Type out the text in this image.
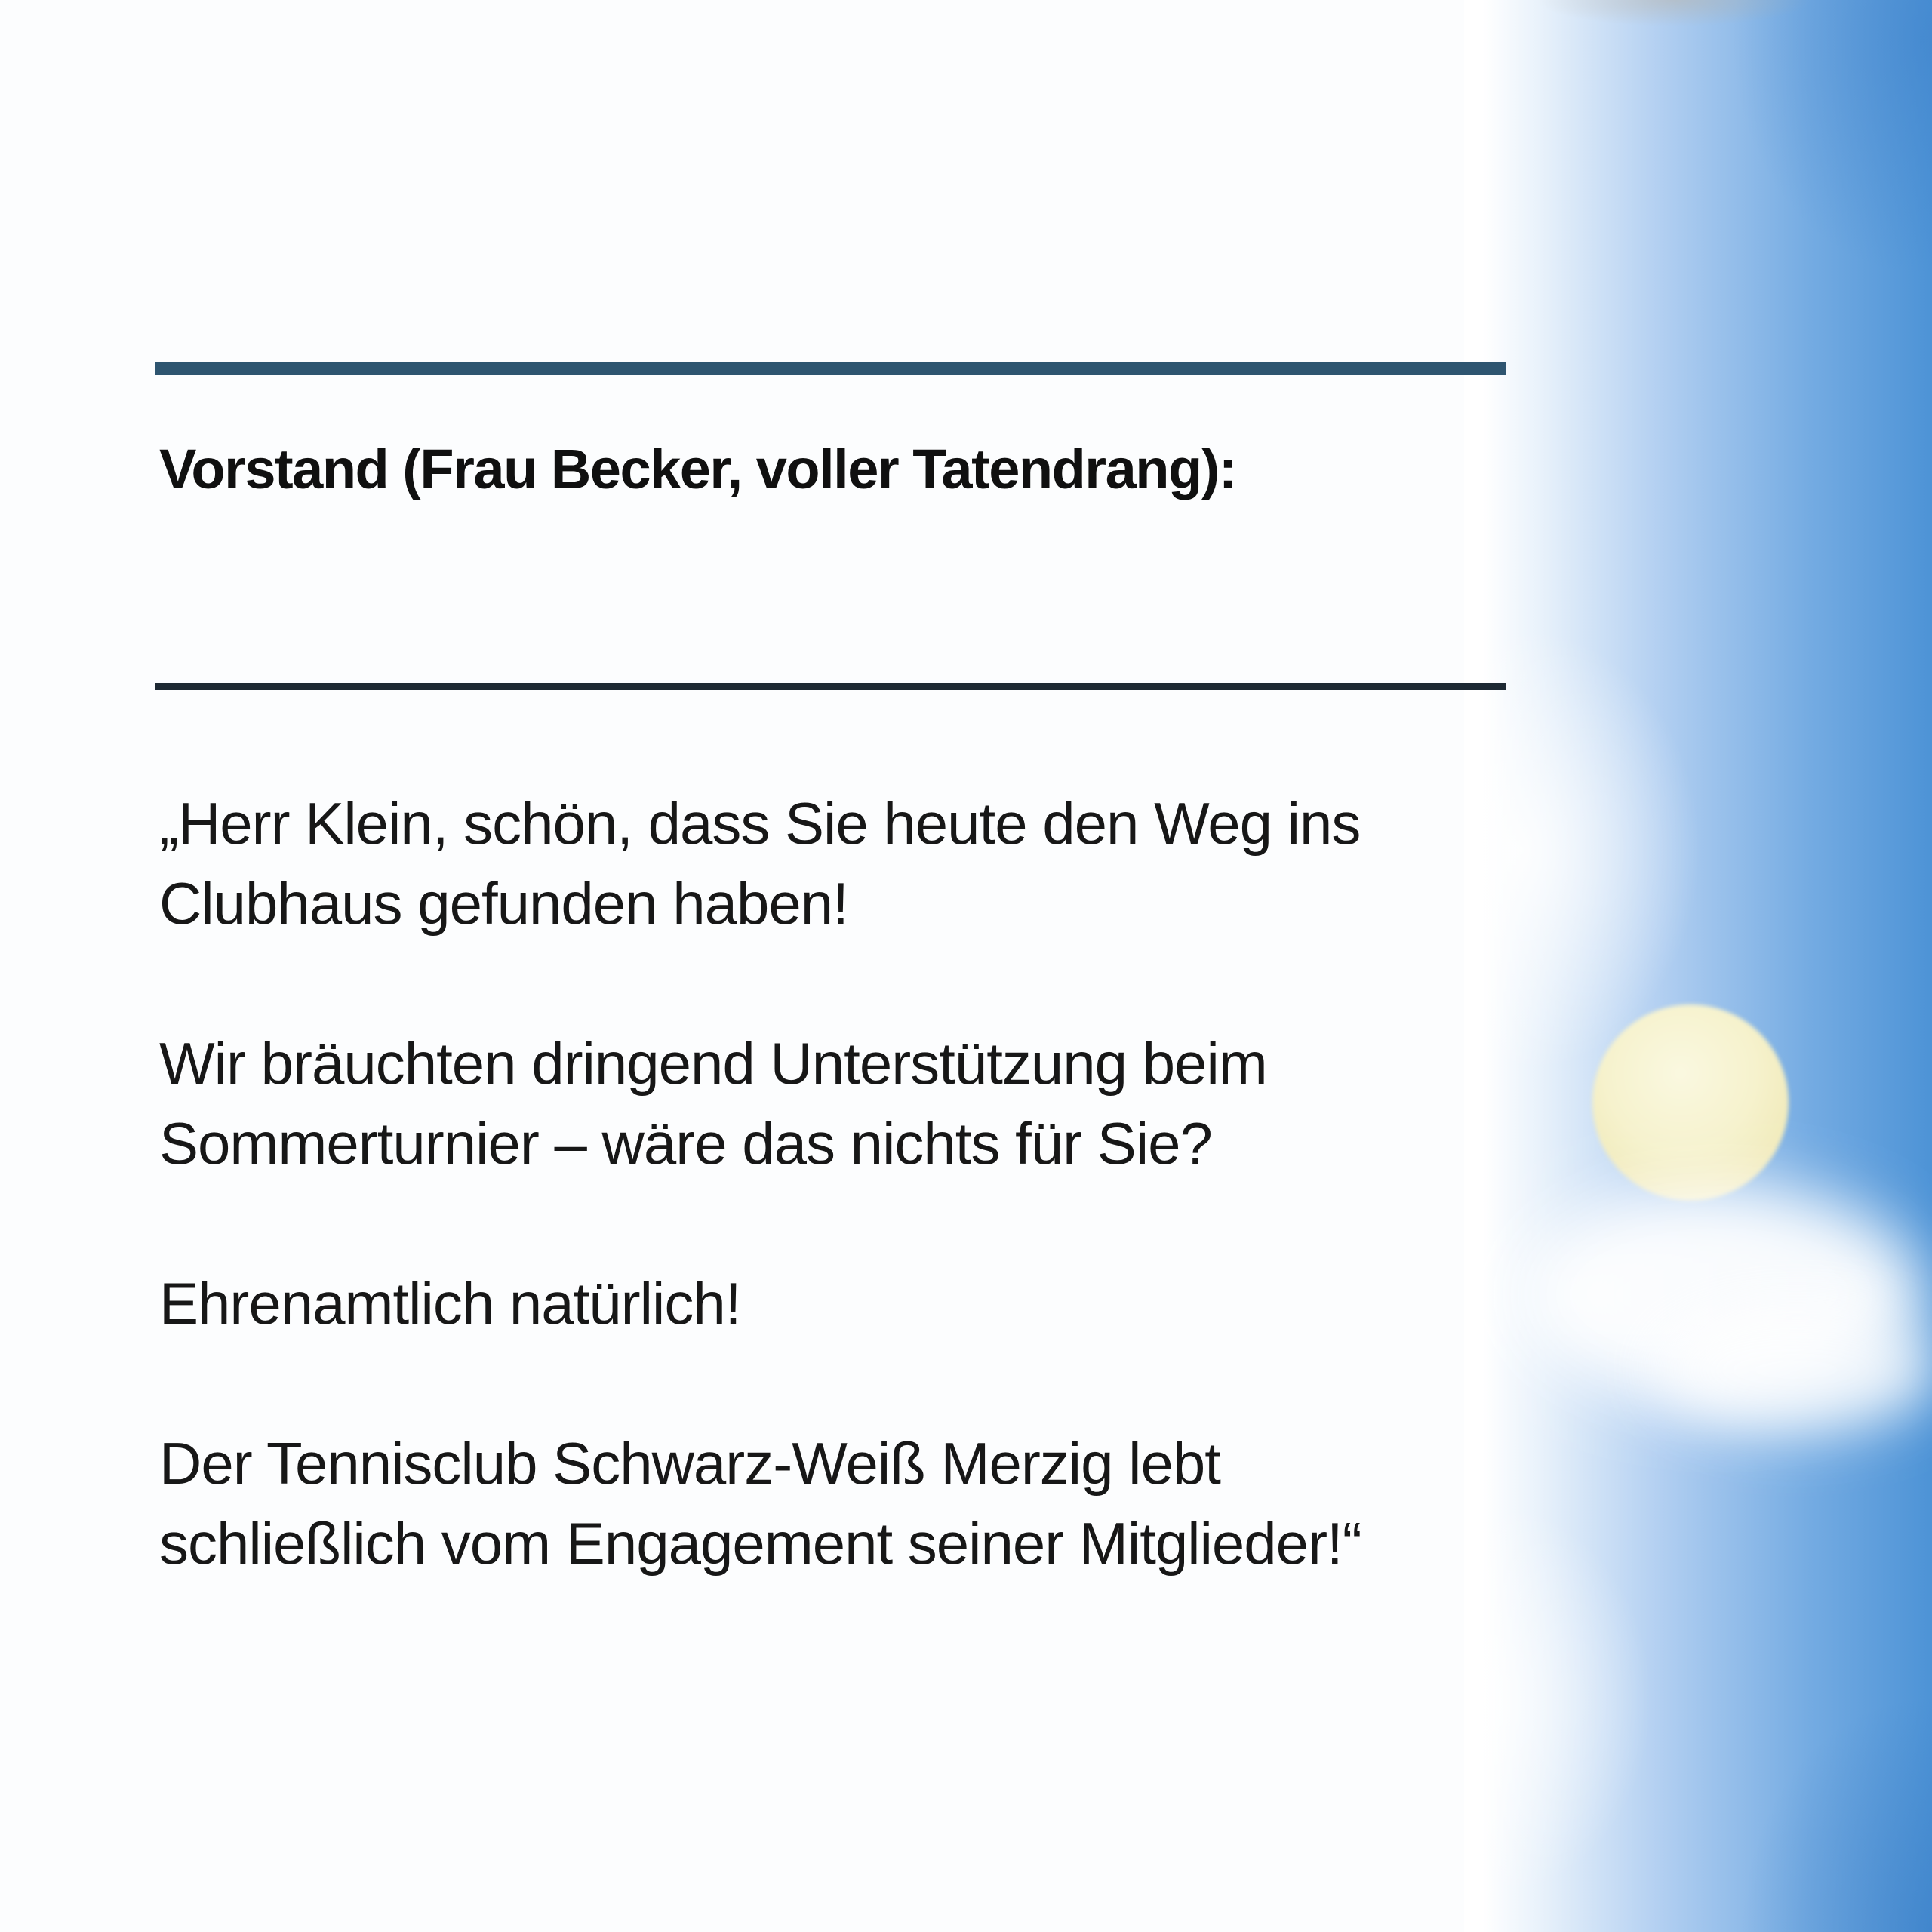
Vorstand (Frau Becker, voller Tatendrang):

„Herr Klein, schön, dass Sie heute den Weg ins
Clubhaus gefunden haben!

Wir bräuchten dringend Unterstützung beim
Sommerturnier – wäre das nichts für Sie?

Ehrenamtlich natürlich!

Der Tennisclub Schwarz-Weiß Merzig lebt
schließlich vom Engagement seiner Mitglieder!“
